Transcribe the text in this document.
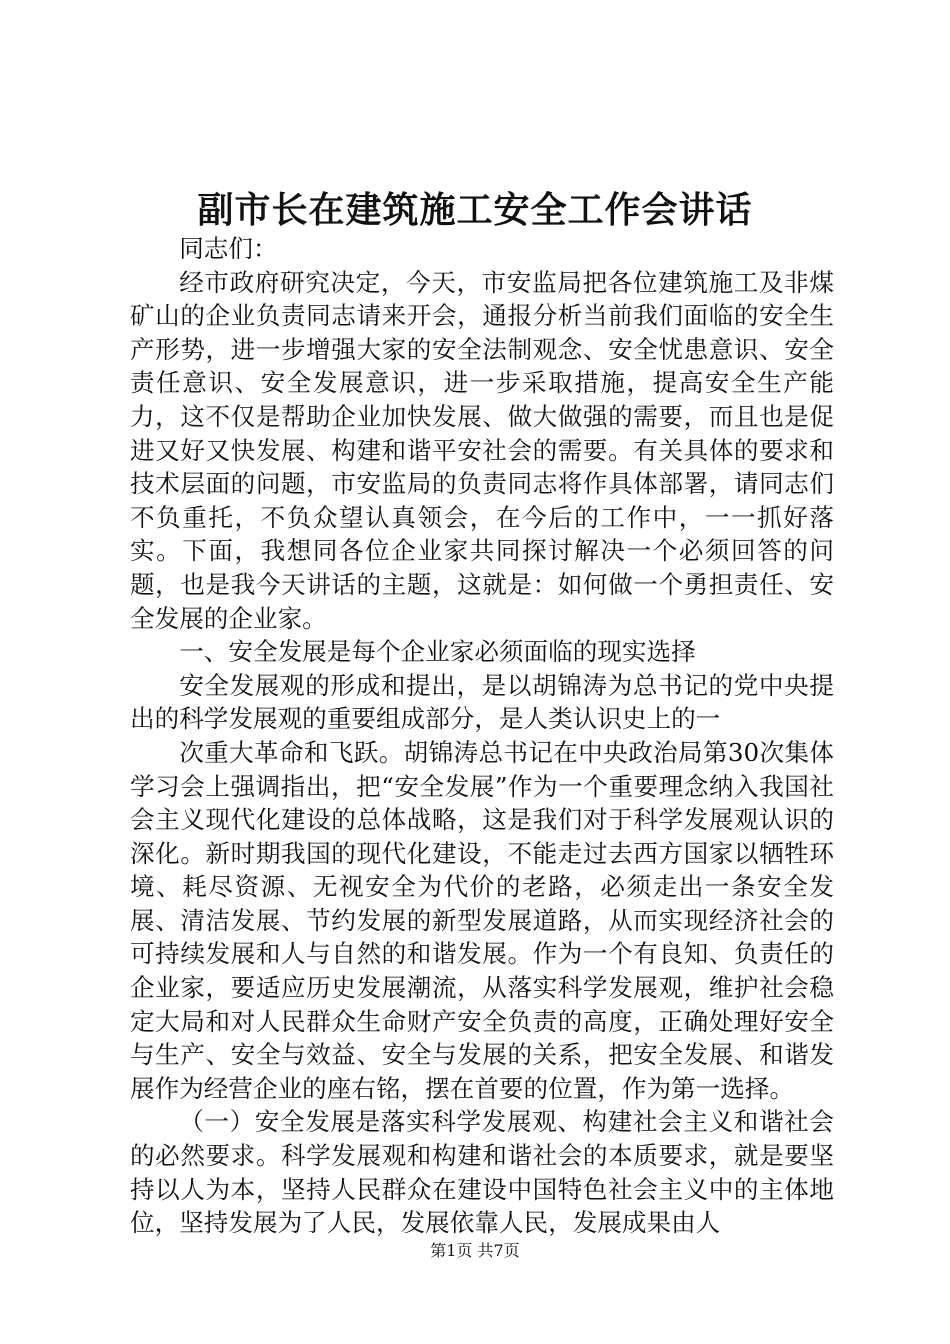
副市长在建筑施工安全工作会讲话

同志们：

经市政府研究决定，今天，市安监局把各位建筑施工及非煤矿山的企业负责同志请来开会，通报分析当前我们面临的安全生产形势，进一步增强大家的安全法制观念、安全忧患意识、安全责任意识、安全发展意识，进一步采取措施，提高安全生产能力，这不仅是帮助企业加快发展、做大做强的需要，而且也是促进又好又快发展、构建和谐平安社会的需要。有关具体的要求和技术层面的问题，市安监局的负责同志将作具体部署，请同志们不负重托，不负众望认真领会，在今后的工作中，一一抓好落实。下面，我想同各位企业家共同探讨解决一个必须回答的问题，也是我今天讲话的主题，这就是：如何做一个勇担责任、安全发展的企业家。

一、安全发展是每个企业家必须面临的现实选择

安全发展观的形成和提出，是以胡锦涛为总书记的党中央提出的科学发展观的重要组成部分，是人类认识史上的一

次重大革命和飞跃。胡锦涛总书记在中央政治局第30次集体学习会上强调指出，把“安全发展”作为一个重要理念纳入我国社会主义现代化建设的总体战略，这是我们对于科学发展观认识的深化。新时期我国的现代化建设，不能走过去西方国家以牺牲环境、耗尽资源、无视安全为代价的老路，必须走出一条安全发展、清洁发展、节约发展的新型发展道路，从而实现经济社会的可持续发展和人与自然的和谐发展。作为一个有良知、负责任的企业家，要适应历史发展潮流，从落实科学发展观，维护社会稳定大局和对人民群众生命财产安全负责的高度，正确处理好安全与生产、安全与效益、安全与发展的关系，把安全发展、和谐发展作为经营企业的座右铭，摆在首要的位置，作为第一选择。

（一）安全发展是落实科学发展观、构建社会主义和谐社会的必然要求。科学发展观和构建和谐社会的本质要求，就是要坚持以人为本，坚持人民群众在建设中国特色社会主义中的主体地位，坚持发展为了人民，发展依靠人民，发展成果由人

第1页 共7页
